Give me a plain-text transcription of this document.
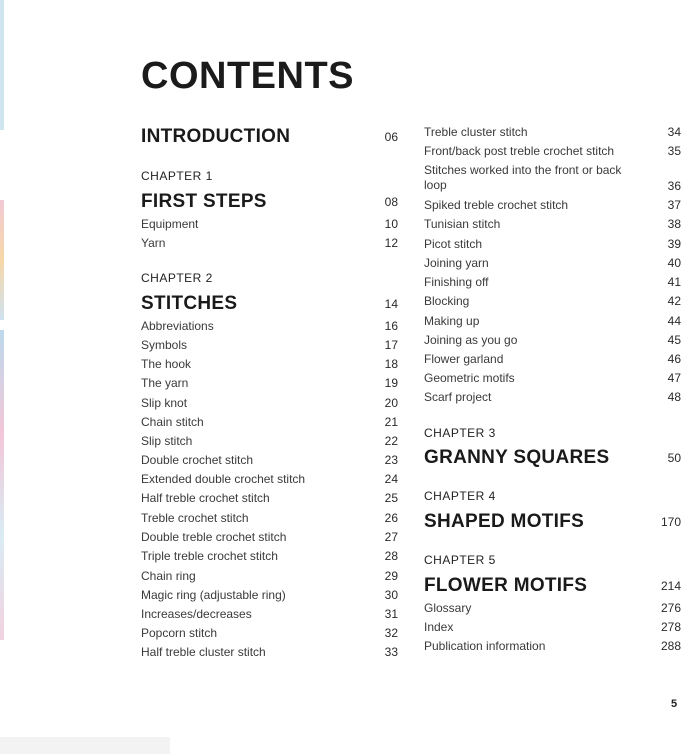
CONTENTS
INTRODUCTION	06
CHAPTER 1
FIRST STEPS	08
Equipment	10
Yarn	12
CHAPTER 2
STITCHES	14
Abbreviations	16
Symbols	17
The hook	18
The yarn	19
Slip knot	20
Chain stitch	21
Slip stitch	22
Double crochet stitch	23
Extended double crochet stitch	24
Half treble crochet stitch	25
Treble crochet stitch	26
Double treble crochet stitch	27
Triple treble crochet stitch	28
Chain ring	29
Magic ring (adjustable ring)	30
Increases/decreases	31
Popcorn stitch	32
Half treble cluster stitch	33
Treble cluster stitch	34
Front/back post treble crochet stitch	35
Stitches worked into the front or back loop	36
Spiked treble crochet stitch	37
Tunisian stitch	38
Picot stitch	39
Joining yarn	40
Finishing off	41
Blocking	42
Making up	44
Joining as you go	45
Flower garland	46
Geometric motifs	47
Scarf project	48
CHAPTER 3
GRANNY SQUARES	50
CHAPTER 4
SHAPED MOTIFS	170
CHAPTER 5
FLOWER MOTIFS	214
Glossary	276
Index	278
Publication information	288
5
